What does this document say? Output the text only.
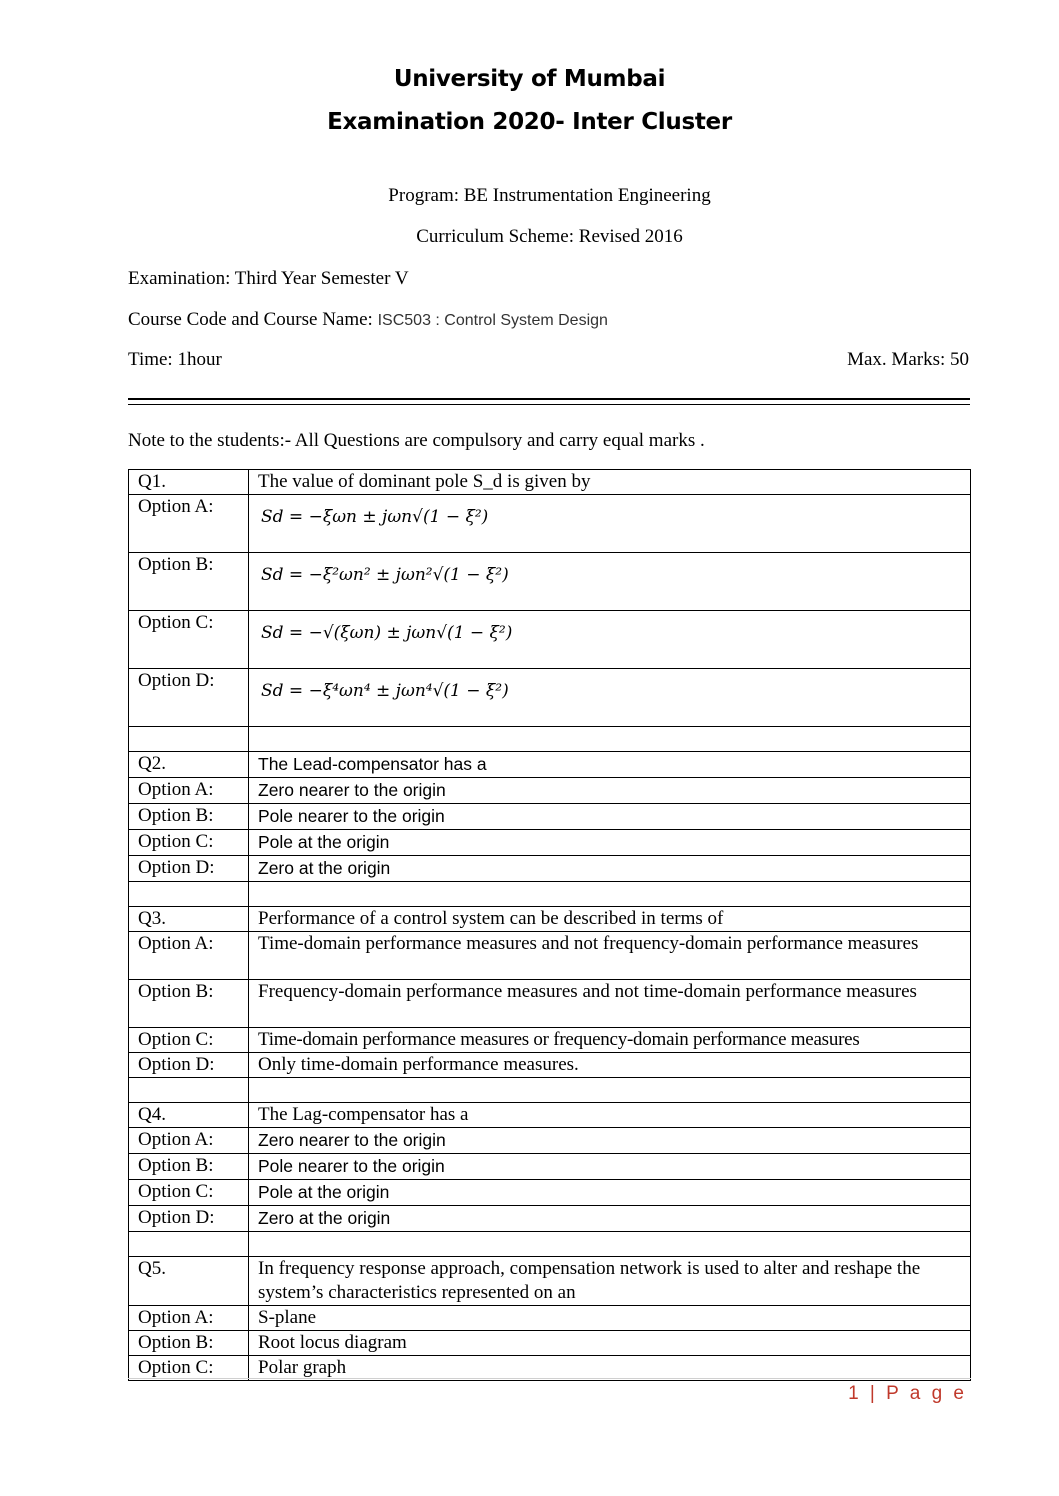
University of Mumbai
Examination 2020- Inter Cluster
Program: BE Instrumentation Engineering
Curriculum Scheme: Revised 2016
Examination: Third Year Semester V
Course Code and Course Name: ISC503 : Control System Design
Time: 1hour	Max. Marks: 50
Note to the students:- All Questions are compulsory and carry equal marks .
Q1.	The value of dominant pole S_d is given by
Option A:	Sd = −ξωn ± jωn√(1 − ξ²)
Option B:	Sd = −ξ²ωn² ± jωn²√(1 − ξ²)
Option C:	Sd = −√(ξωn) ± jωn√(1 − ξ²)
Option D:	Sd = −ξ⁴ωn⁴ ± jωn⁴√(1 − ξ²)

Q2.	The Lead-compensator has a
Option A:	Zero nearer to the origin
Option B:	Pole nearer to the origin
Option C:	Pole at the origin
Option D:	Zero at the origin

Q3.	Performance of a control system can be described in terms of
Option A:	Time-domain performance measures and not frequency-domain performance measures
Option B:	Frequency-domain performance measures and not time-domain performance measures
Option C:	Time-domain performance measures or frequency-domain performance measures
Option D:	Only time-domain performance measures.

Q4.	The Lag-compensator has a
Option A:	Zero nearer to the origin
Option B:	Pole nearer to the origin
Option C:	Pole at the origin
Option D:	Zero at the origin

Q5.	In frequency response approach, compensation network is used to alter and reshape the system’s characteristics represented on an
Option A:	S-plane
Option B:	Root locus diagram
Option C:	Polar graph
1 | P a g e
